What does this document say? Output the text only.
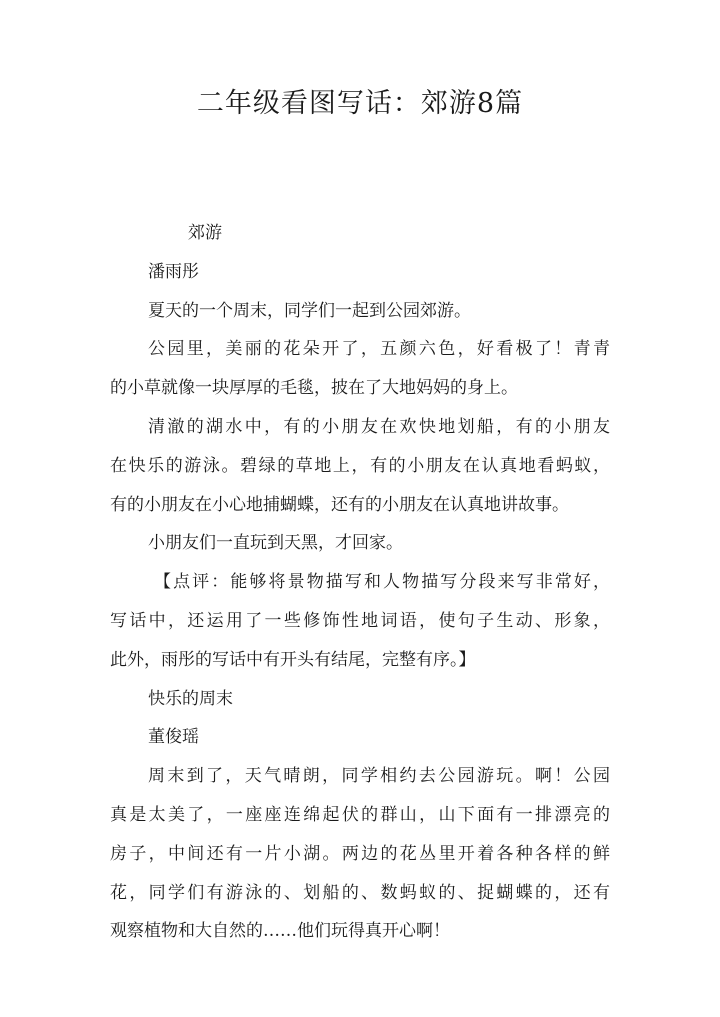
二年级看图写话：郊游8篇
郊游
潘雨彤
夏天的一个周末，同学们一起到公园郊游。
公园里，美丽的花朵开了，五颜六色，好看极了！青青
的小草就像一块厚厚的毛毯，披在了大地妈妈的身上。
清澈的湖水中，有的小朋友在欢快地划船，有的小朋友
在快乐的游泳。碧绿的草地上，有的小朋友在认真地看蚂蚁，
有的小朋友在小心地捕蝴蝶，还有的小朋友在认真地讲故事。
小朋友们一直玩到天黑，才回家。
【点评：能够将景物描写和人物描写分段来写非常好，
写话中，还运用了一些修饰性地词语，使句子生动、形象，
此外，雨彤的写话中有开头有结尾，完整有序。】
快乐的周末
董俊瑶
周末到了，天气晴朗，同学相约去公园游玩。啊！公园
真是太美了，一座座连绵起伏的群山，山下面有一排漂亮的
房子，中间还有一片小湖。两边的花丛里开着各种各样的鲜
花，同学们有游泳的、划船的、数蚂蚁的、捉蝴蝶的，还有
观察植物和大自然的……他们玩得真开心啊！
